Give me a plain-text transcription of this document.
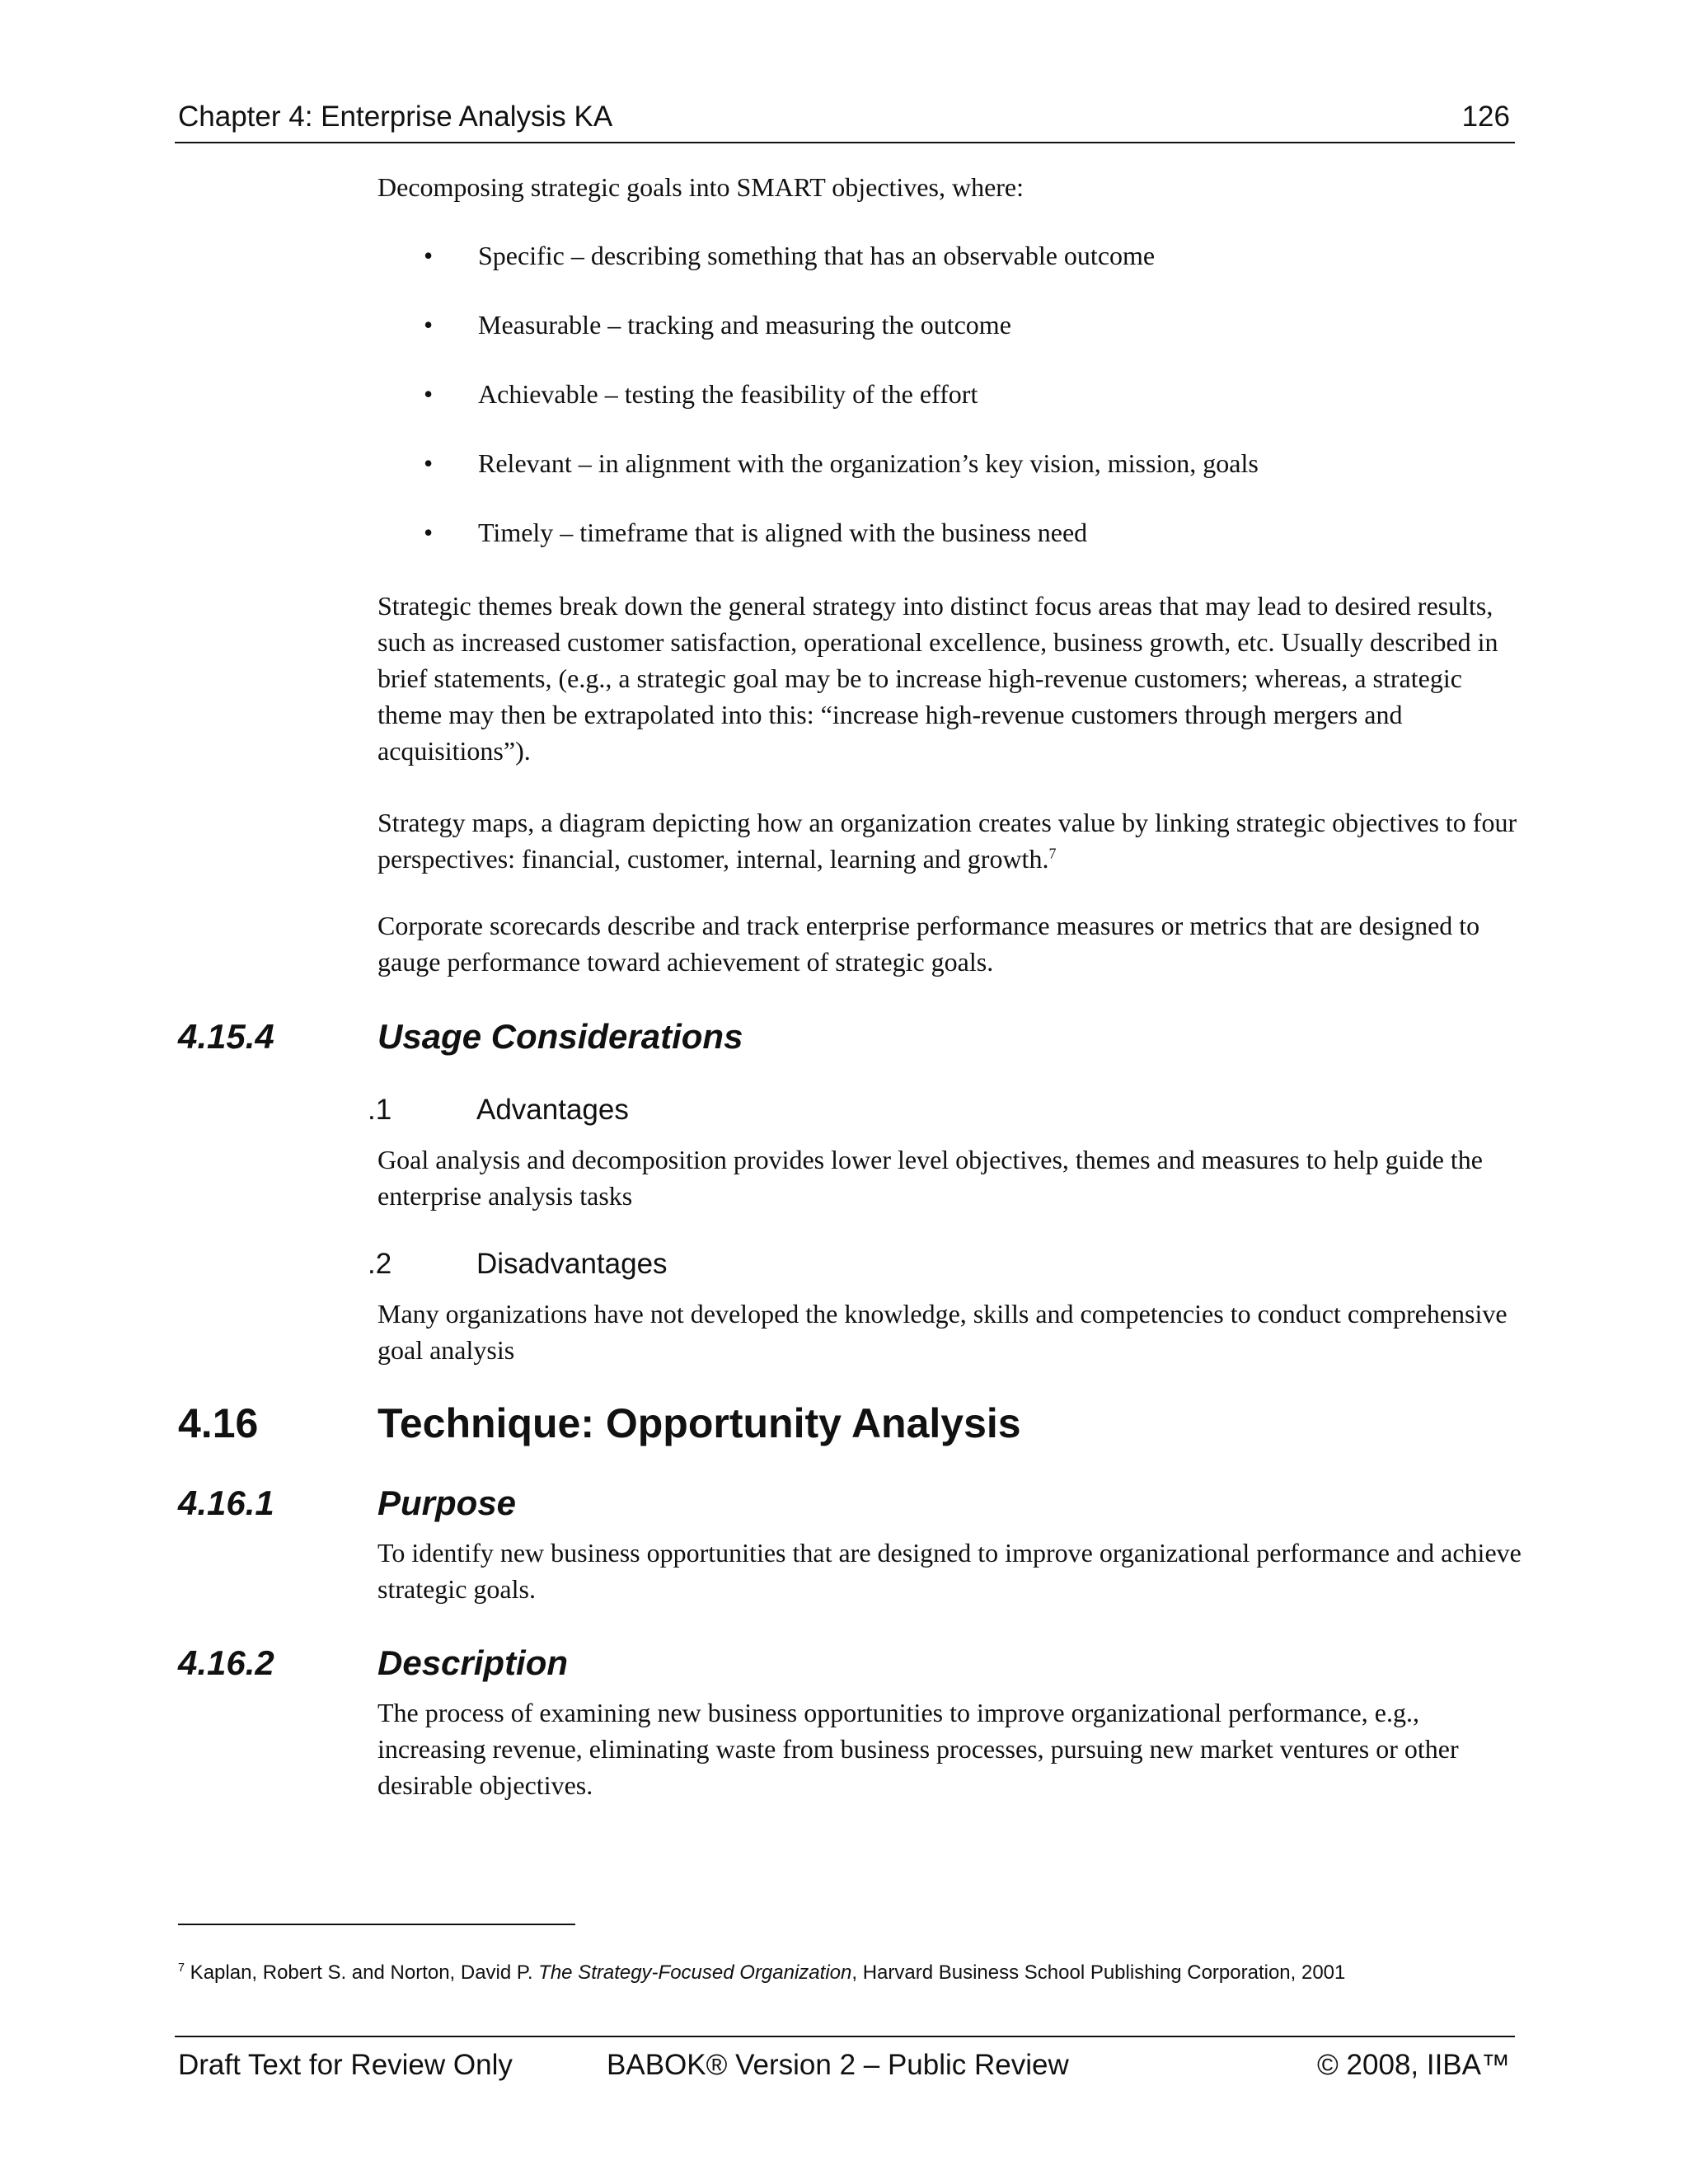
Chapter 4: Enterprise Analysis KA	126
Decomposing strategic goals into SMART objectives, where:
• Specific – describing something that has an observable outcome
• Measurable – tracking and measuring the outcome
• Achievable – testing the feasibility of the effort
• Relevant – in alignment with the organization’s key vision, mission, goals
• Timely – timeframe that is aligned with the business need
Strategic themes break down the general strategy into distinct focus areas that may lead to desired results, such as increased customer satisfaction, operational excellence, business growth, etc. Usually described in brief statements, (e.g., a strategic goal may be to increase high-revenue customers; whereas, a strategic theme may then be extrapolated into this: “increase high-revenue customers through mergers and acquisitions”).
Strategy maps, a diagram depicting how an organization creates value by linking strategic objectives to four perspectives: financial, customer, internal, learning and growth.$^7$
Corporate scorecards describe and track enterprise performance measures or metrics that are designed to gauge performance toward achievement of strategic goals.
4.15.4	Usage Considerations
.1	Advantages
Goal analysis and decomposition provides lower level objectives, themes and measures to help guide the enterprise analysis tasks
.2	Disadvantages
Many organizations have not developed the knowledge, skills and competencies to conduct comprehensive goal analysis
4.16	Technique: Opportunity Analysis
4.16.1	Purpose
To identify new business opportunities that are designed to improve organizational performance and achieve strategic goals.
4.16.2	Description
The process of examining new business opportunities to improve organizational performance, e.g., increasing revenue, eliminating waste from business processes, pursuing new market ventures or other desirable objectives.
$^7$ Kaplan, Robert S. and Norton, David P. The Strategy-Focused Organization, Harvard Business School Publishing Corporation, 2001
Draft Text for Review Only	BABOK® Version 2 – Public Review	© 2008, IIBA™
